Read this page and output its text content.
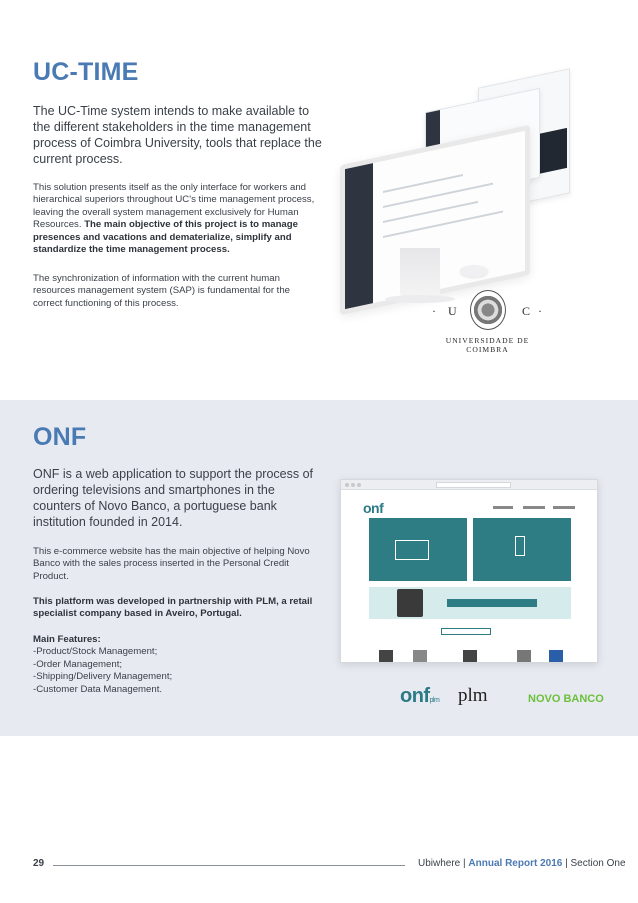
UC-TIME
The UC-Time system intends to make available to the different stakeholders in the time management process of Coimbra University, tools that replace the current process.
This solution presents itself as the only interface for workers and hierarchical superiors throughout UC's time management process, leaving the overall system management exclusively for Human Resources. The main objective of this project is to manage presences and vacations and dematerialize, simplify and standardize the time management process.
The synchronization of information with the current human resources management system (SAP) is fundamental for the correct functioning of this process.
· U	C ·
UNIVERSIDADE DE COIMBRA
ONF
ONF is a web application to support the process of ordering televisions and smartphones in the counters of Novo Banco, a portuguese bank institution founded in 2014.
This e-commerce website has the main objective of helping Novo Banco with the sales process inserted in the Personal Credit Product.
This platform was developed in partnership with PLM, a retail specialist company based in Aveiro, Portugal.
Main Features:
-Product/Stock Management;
-Order Management;
-Shipping/Delivery Management;
-Customer Data Management.
onf
onfplm plm	NOVO BANCO
29	Ubiwhere | Annual Report 2016 | Section One
